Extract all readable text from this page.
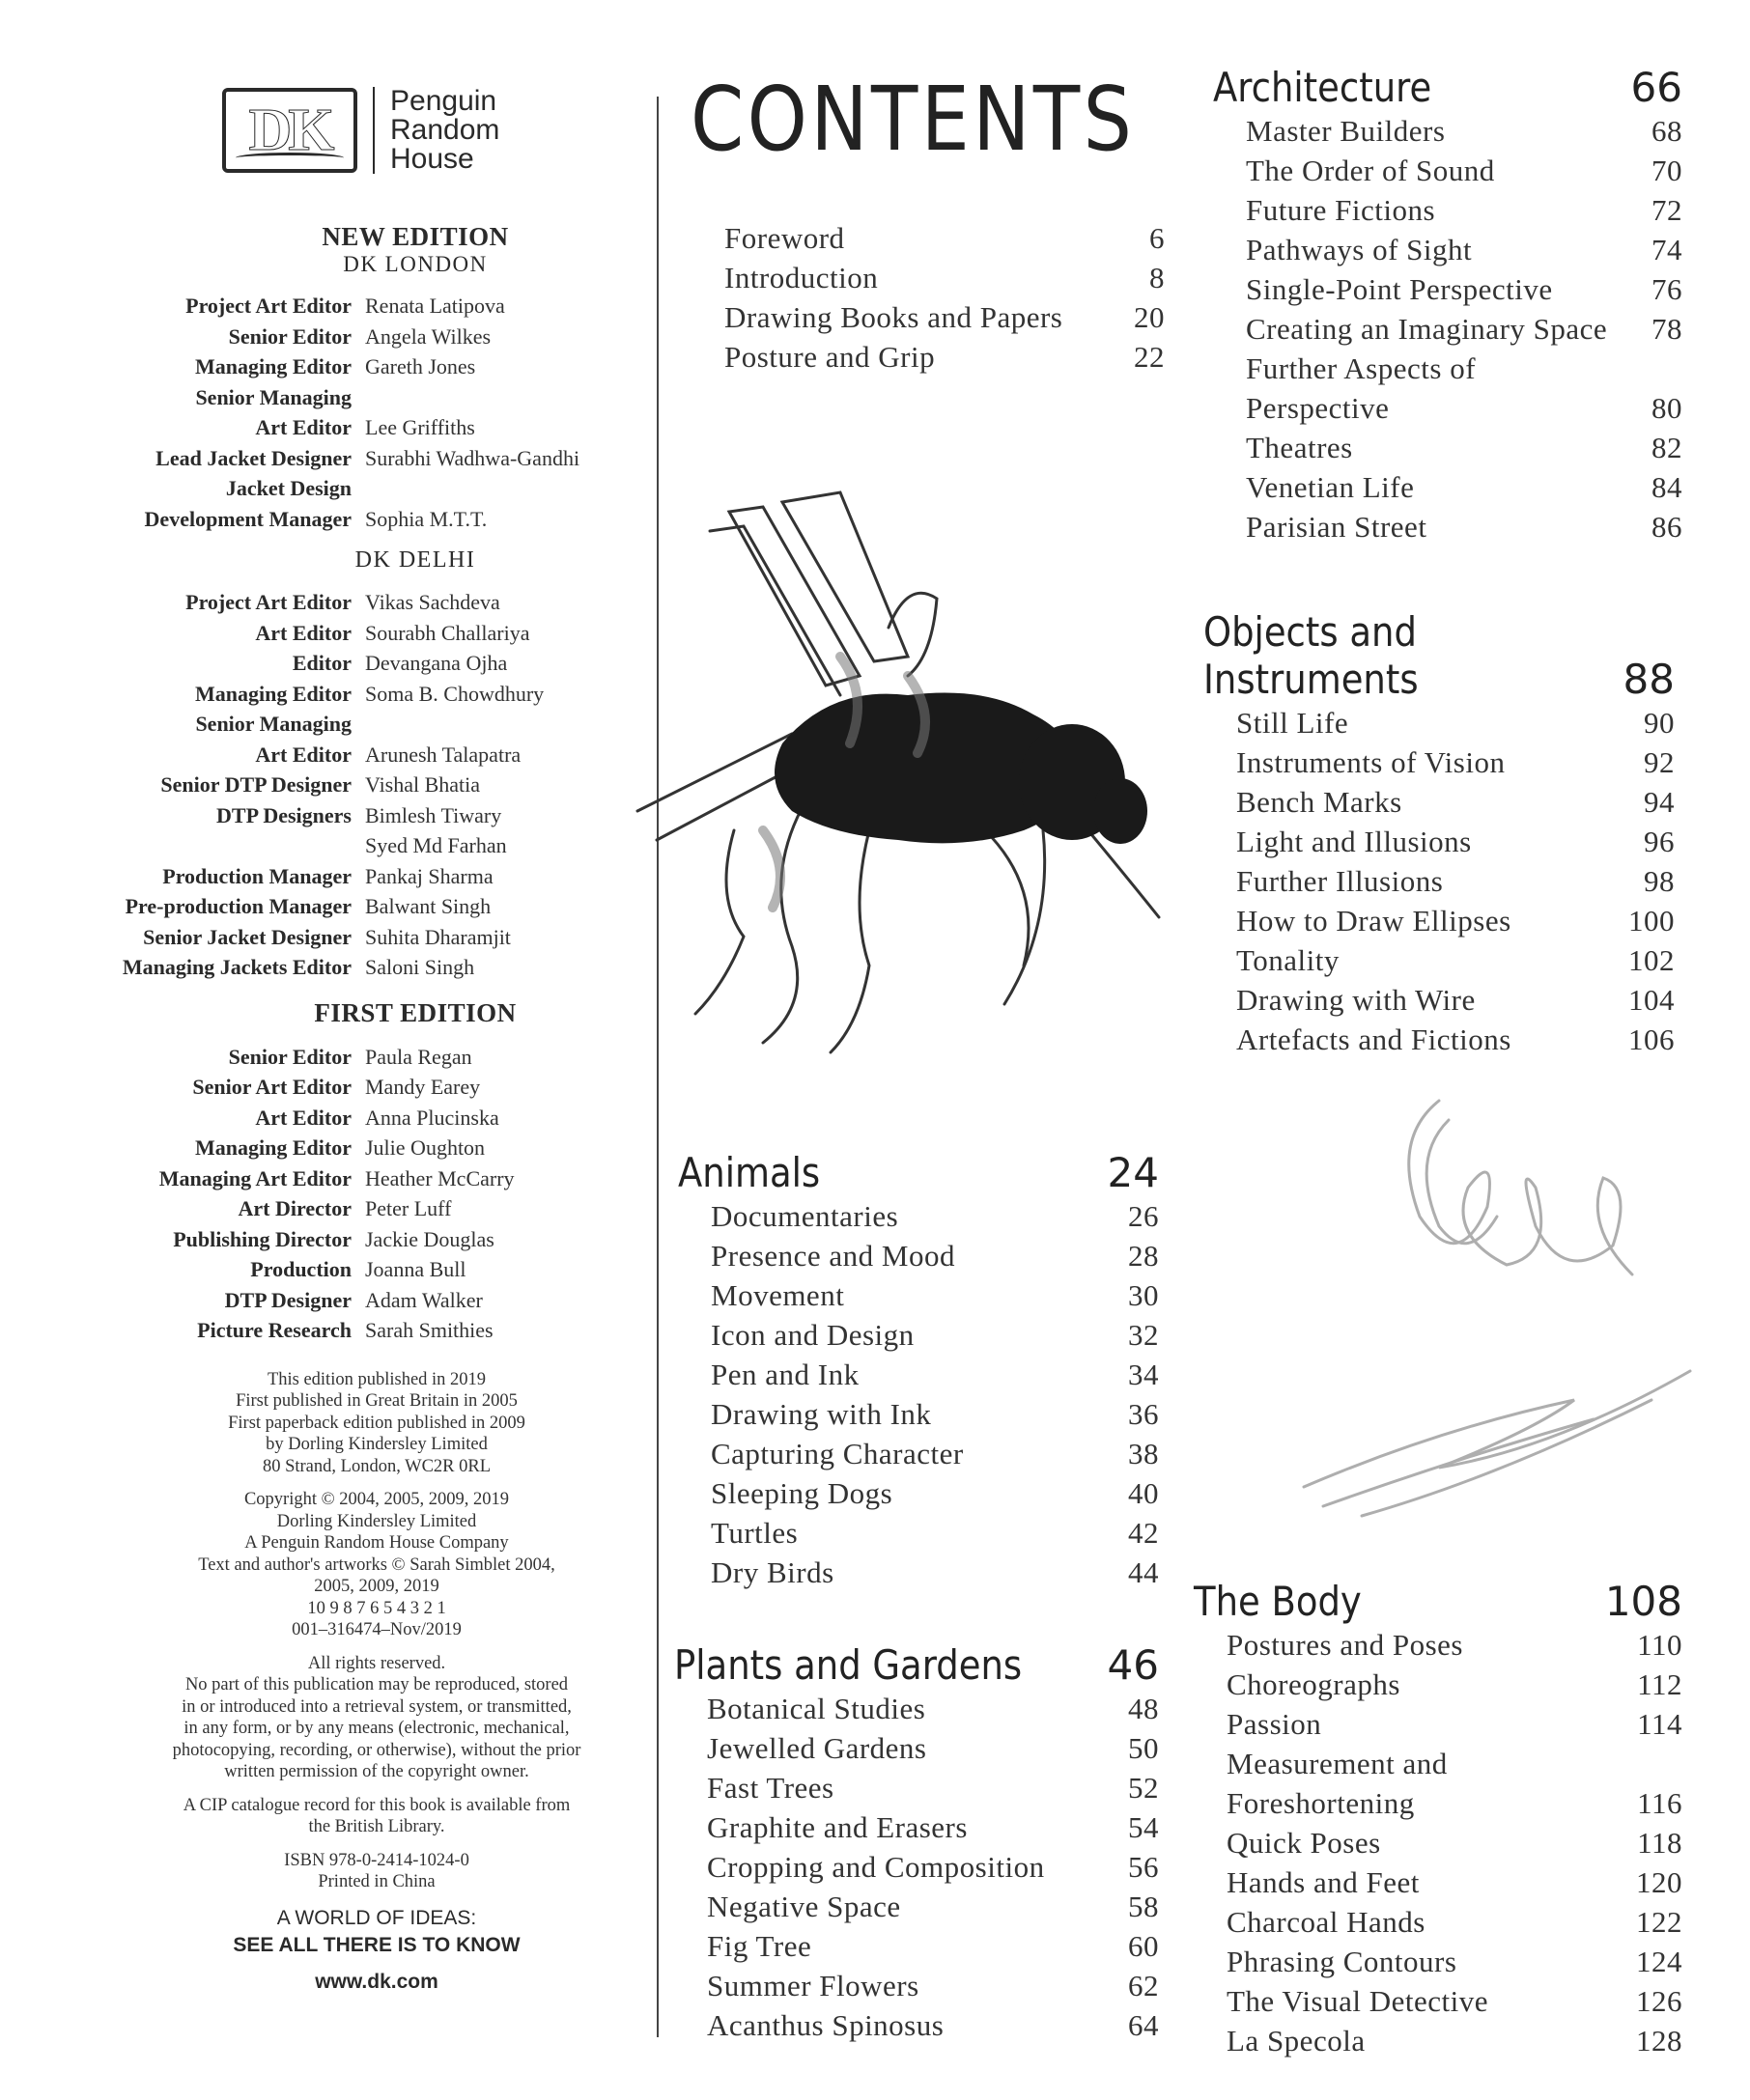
DK Penguin
Random
House
NEW EDITION
DK LONDON
Project Art Editor Renata Latipova
Senior Editor Angela Wilkes
Managing Editor Gareth Jones
Senior Managing
Art Editor Lee Griffiths
Lead Jacket Designer Surabhi Wadhwa-Gandhi
Jacket Design
Development Manager Sophia M.T.T.
DK DELHI
Project Art Editor Vikas Sachdeva
Art Editor Sourabh Challariya
Editor Devangana Ojha
Managing Editor Soma B. Chowdhury
Senior Managing
Art Editor Arunesh Talapatra
Senior DTP Designer Vishal Bhatia
DTP Designers Bimlesh Tiwary
Syed Md Farhan
Production Manager Pankaj Sharma
Pre-production Manager Balwant Singh
Senior Jacket Designer Suhita Dharamjit
Managing Jackets Editor Saloni Singh
FIRST EDITION
Senior Editor Paula Regan
Senior Art Editor Mandy Earey
Art Editor Anna Plucinska
Managing Editor Julie Oughton
Managing Art Editor Heather McCarry
Art Director Peter Luff
Publishing Director Jackie Douglas
Production Joanna Bull
DTP Designer Adam Walker
Picture Research Sarah Smithies

This edition published in 2019
First published in Great Britain in 2005
First paperback edition published in 2009
by Dorling Kindersley Limited
80 Strand, London, WC2R 0RL

Copyright © 2004, 2005, 2009, 2019
Dorling Kindersley Limited
A Penguin Random House Company
Text and author's artworks © Sarah Simblet 2004,
2005, 2009, 2019
10 9 8 7 6 5 4 3 2 1
001–316474–Nov/2019

All rights reserved.
No part of this publication may be reproduced, stored
in or introduced into a retrieval system, or transmitted,
in any form, or by any means (electronic, mechanical,
photocopying, recording, or otherwise), without the prior
written permission of the copyright owner.

A CIP catalogue record for this book is available from
the British Library.

ISBN 978-0-2414-1024-0
Printed in China

A WORLD OF IDEAS:
SEE ALL THERE IS TO KNOW
www.dk.com
CONTENTS
Foreword	6
Introduction	8
Drawing Books and Papers 20
Posture and Grip	22
Animals	24
Documentaries	26
Presence and Mood	28
Movement	30
Icon and Design	32
Pen and Ink	34
Drawing with Ink	36
Capturing Character	38
Sleeping Dogs	40
Turtles	42
Dry Birds	44
Plants and Gardens 46
Botanical Studies	48
Jewelled Gardens	50
Fast Trees	52
Graphite and Erasers	54
Cropping and Composition	56
Negative Space	58
Fig Tree	60
Summer Flowers	62
Acanthus Spinosus	64
Architecture	66
Master Builders	68
The Order of Sound	70
Future Fictions	72
Pathways of Sight	74
Single-Point Perspective	76
Creating an Imaginary Space 78
Further Aspects of
Perspective	80
Theatres	82
Venetian Life	84
Parisian Street	86
Objects and
Instruments	88
Still Life	90
Instruments of Vision	92
Bench Marks	94
Light and Illusions	96
Further Illusions	98
How to Draw Ellipses	100
Tonality	102
Drawing with Wire	104
Artefacts and Fictions	106
The Body	108
Postures and Poses	110
Choreographs	112
Passion	114
Measurement and
Foreshortening	116
Quick Poses	118
Hands and Feet	120
Charcoal Hands	122
Phrasing Contours	124
The Visual Detective	126
La Specola	128
